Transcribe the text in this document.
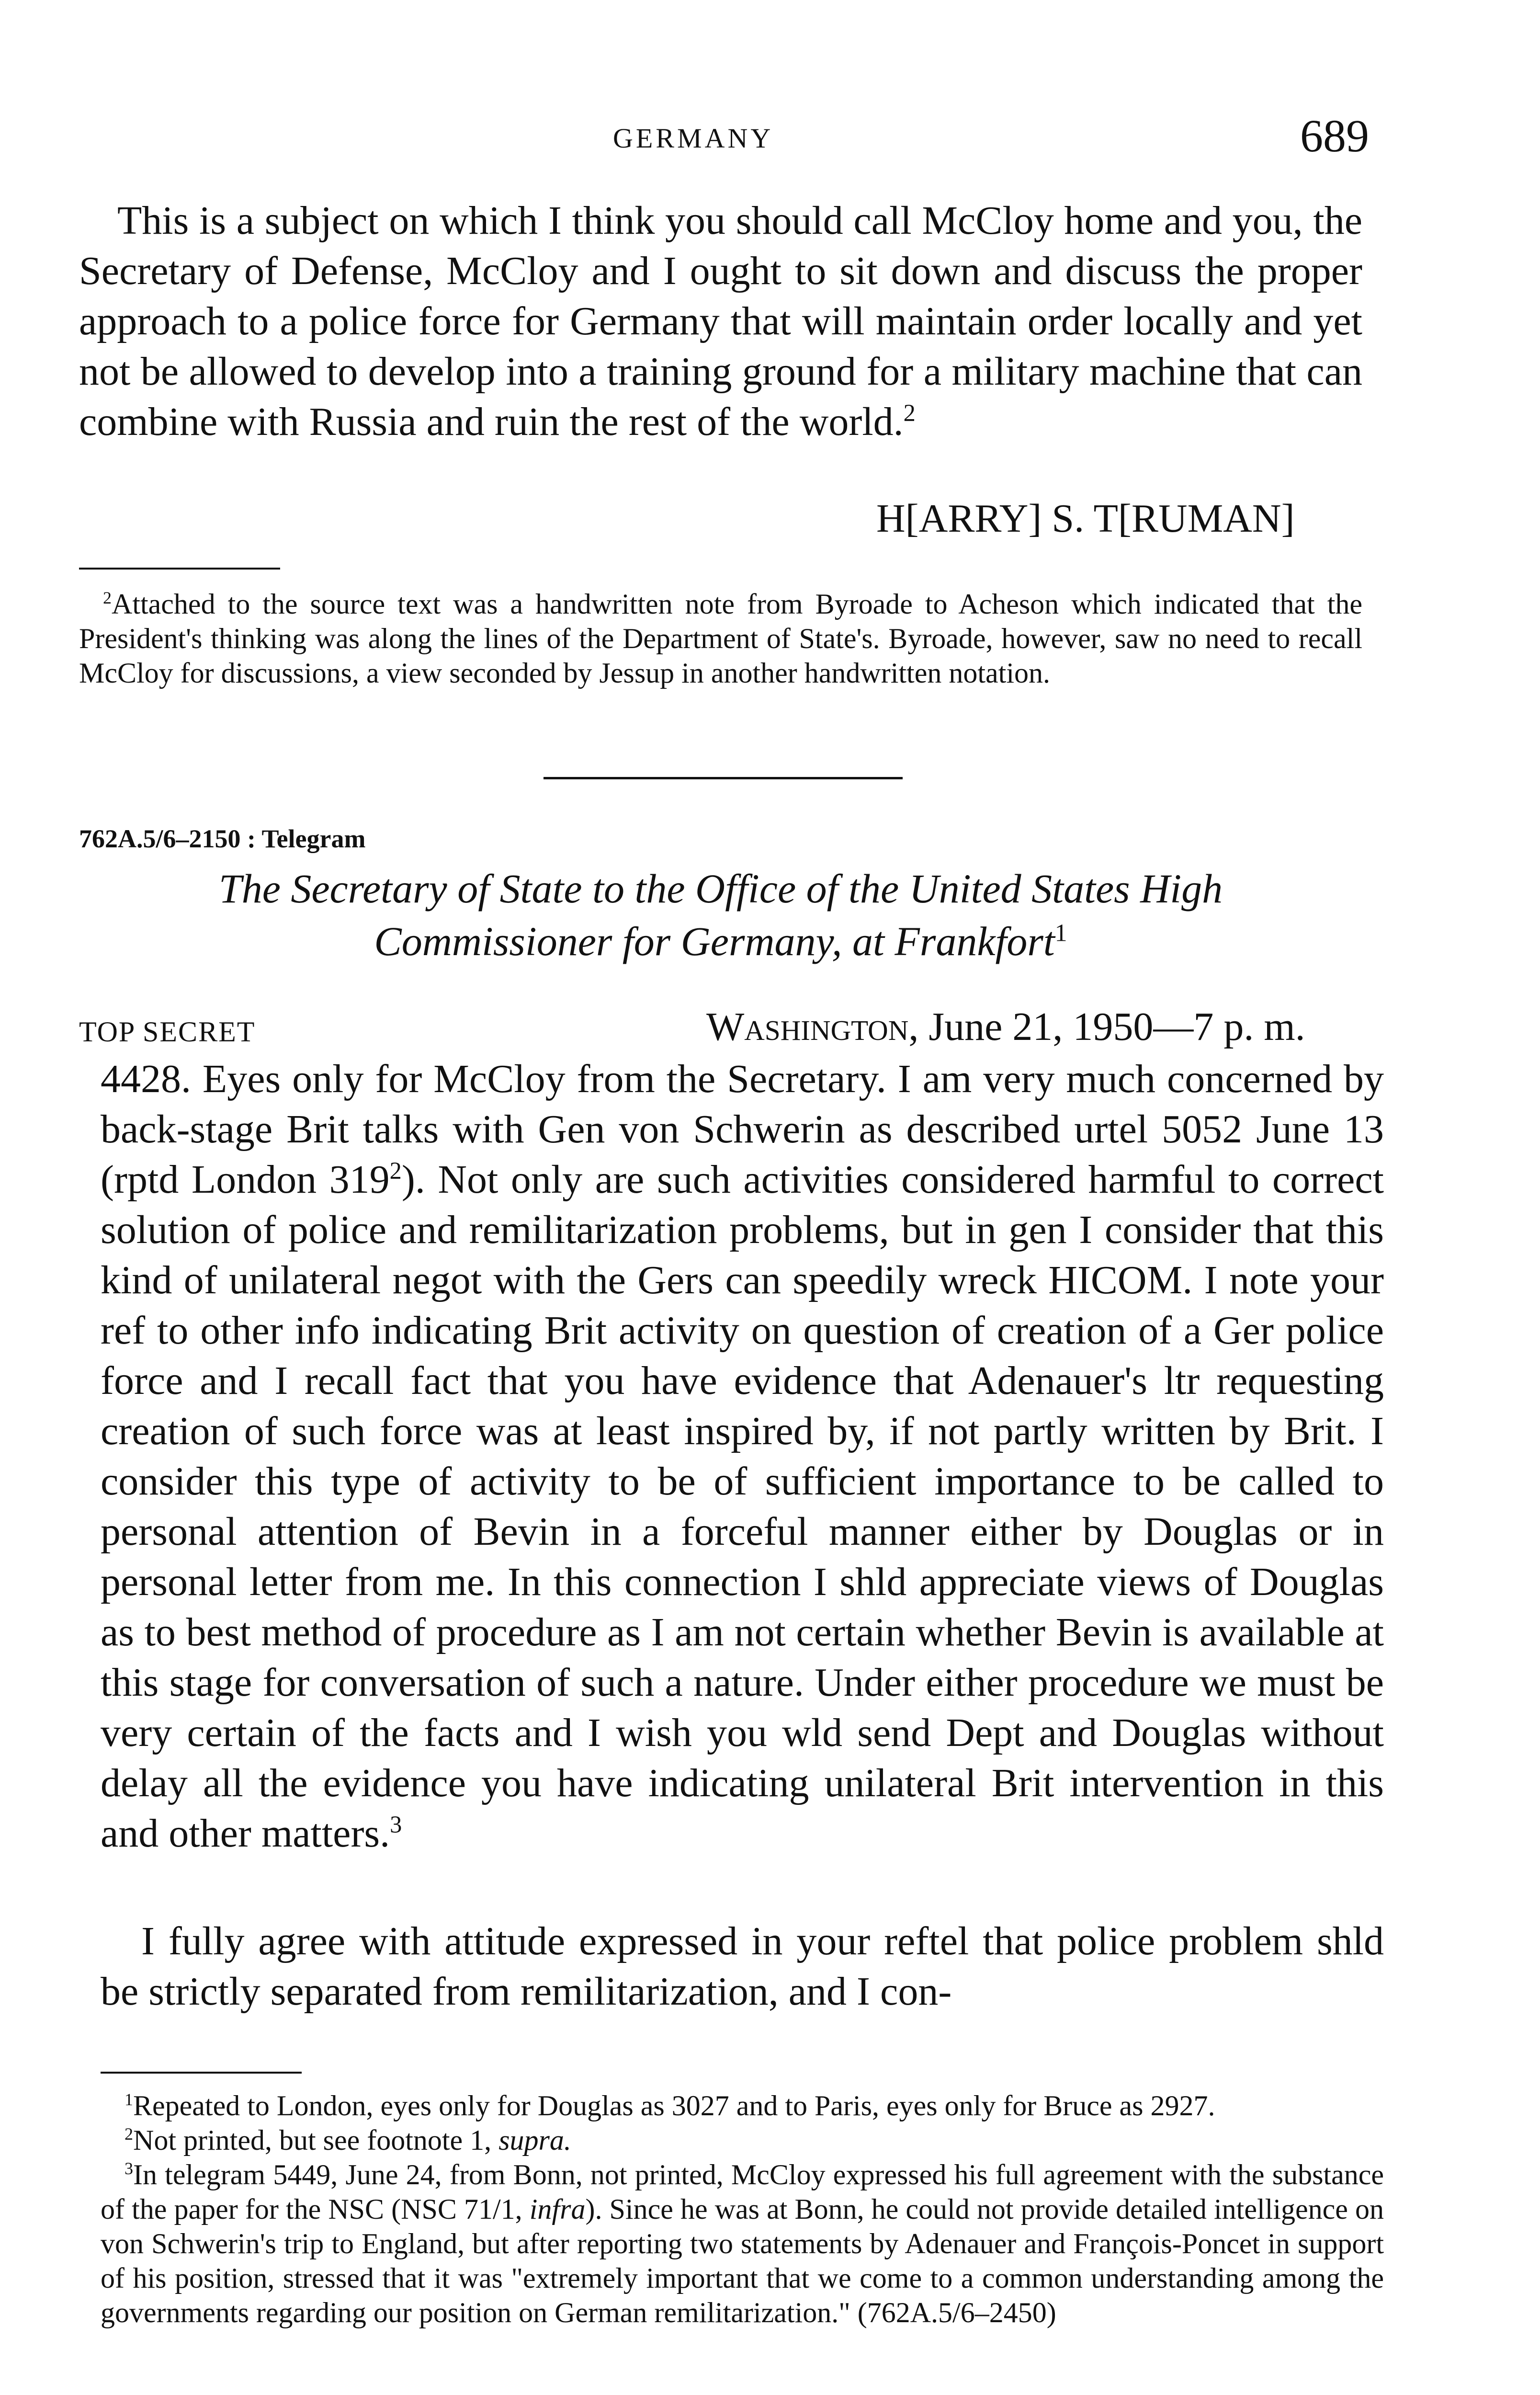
GERMANY	689
This is a subject on which I think you should call McCloy home and you, the Secretary of Defense, McCloy and I ought to sit down and discuss the proper approach to a police force for Germany that will maintain order locally and yet not be allowed to develop into a training ground for a military machine that can combine with Russia and ruin the rest of the world.$^2$
H[ARRY] S. T[RUMAN]
$^2$Attached to the source text was a handwritten note from Byroade to Acheson which indicated that the President's thinking was along the lines of the Department of State's. Byroade, however, saw no need to recall McCloy for discussions, a view seconded by Jessup in another handwritten notation.
762A.5/6–2150 : Telegram
The Secretary of State to the Office of the United States High
Commissioner for Germany, at Frankfort$^1$
TOP SECRET	Washington, June 21, 1950—7 p. m.
4428. Eyes only for McCloy from the Secretary. I am very much concerned by back-stage Brit talks with Gen von Schwerin as described urtel 5052 June 13 (rptd London $319^2$). Not only are such activities considered harmful to correct solution of police and remilitarization problems, but in gen I consider that this kind of unilateral negot with the Gers can speedily wreck HICOM. I note your ref to other info indicating Brit activity on question of creation of a Ger police force and I recall fact that you have evidence that Adenauer's ltr requesting creation of such force was at least inspired by, if not partly written by Brit. I consider this type of activity to be of sufficient importance to be called to personal attention of Bevin in a forceful manner either by Douglas or in personal letter from me. In this connection I shld appreciate views of Douglas as to best method of procedure as I am not certain whether Bevin is available at this stage for conversation of such a nature. Under either procedure we must be very certain of the facts and I wish you wld send Dept and Douglas without delay all the evidence you have indicating unilateral Brit intervention in this and other matters.$^3$
I fully agree with attitude expressed in your reftel that police problem shld be strictly separated from remilitarization, and I con-

$^1$Repeated to London, eyes only for Douglas as 3027 and to Paris, eyes only for Bruce as 2927.

$^2$Not printed, but see footnote 1, supra.

$^3$In telegram 5449, June 24, from Bonn, not printed, McCloy expressed his full agreement with the substance of the paper for the NSC (NSC 71/1, infra). Since he was at Bonn, he could not provide detailed intelligence on von Schwerin's trip to England, but after reporting two statements by Adenauer and François-Poncet in support of his position, stressed that it was "extremely important that we come to a common understanding among the governments regarding our position on German remilitarization." (762A.5/6–2450)
